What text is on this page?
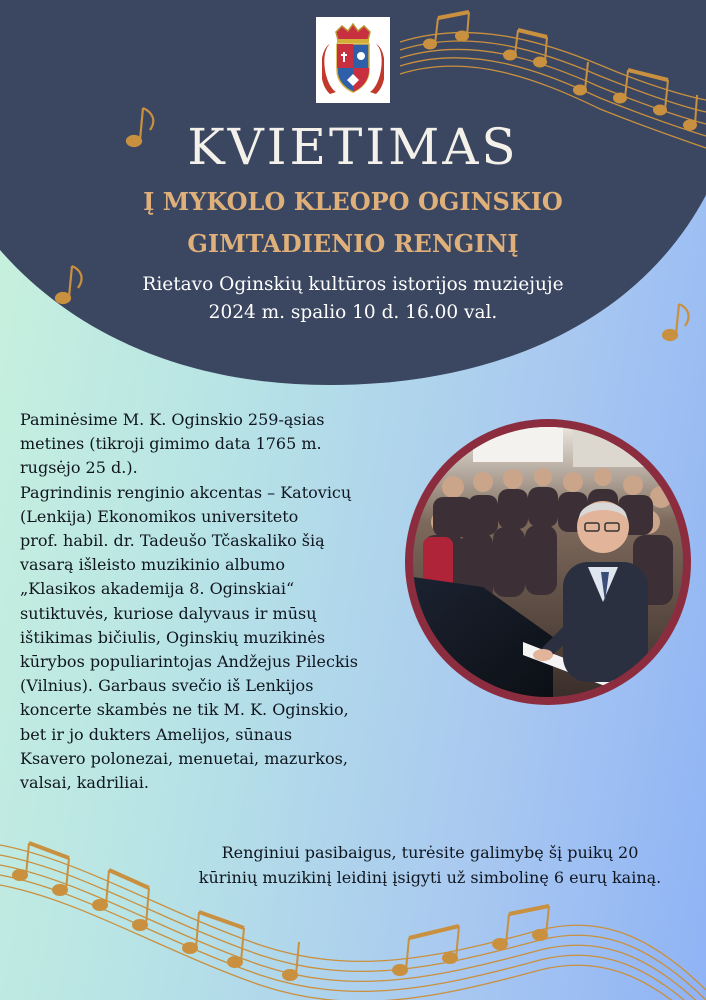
KVIETIMAS
Į MYKOLO KLEOPO OGINSKIO
GIMTADIENIO RENGINĮ
Rietavo Oginskių kultūros istorijos muziejuje
2024 m. spalio 10 d. 16.00 val.
Paminėsime M. K. Oginskio 259-ąsias
metines (tikroji gimimo data 1765 m.
rugsėjo 25 d.).
Pagrindinis renginio akcentas – Katovicų
(Lenkija) Ekonomikos universiteto
prof. habil. dr. Tadeušo Tčaskaliko šią
vasarą išleisto muzikinio albumo
„Klasikos akademija 8. Oginskiai“
sutiktuvės, kuriose dalyvaus ir mūsų
ištikimas bičiulis, Oginskių muzikinės
kūrybos populiarintojas Andžejus Pileckis
(Vilnius). Garbaus svečio iš Lenkijos
koncerte skambės ne tik M. K. Oginskio,
bet ir jo dukters Amelijos, sūnaus
Ksavero polonezai, menuetai, mazurkos,
valsai, kadriliai.
Renginiui pasibaigus, turėsite galimybę šį puikų 20
kūrinių muzikinį leidinį įsigyti už simbolinę 6 eurų kainą.
